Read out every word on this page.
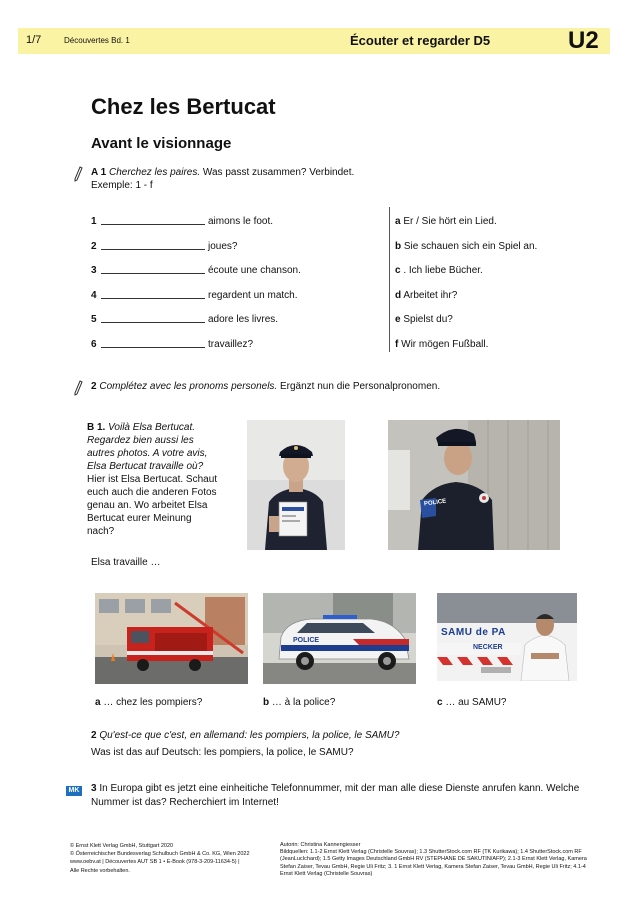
1/7	Découvertes Bd. 1	Écouter et regarder D5	U2
Chez les Bertucat
Avant le visionnage
A 1 Cherchez les paires. Was passt zusammen? Verbindet.
Exemple: 1 - f
1	aimons le foot.
2	joues?
3	écoute une chanson.
4	regardent un match.
5	adore les livres.
6	travaillez?
a Er / Sie hört ein Lied.
b Sie schauen sich ein Spiel an.
c . Ich liebe Bücher.
d Arbeitet ihr?
e Spielst du?
f Wir mögen Fußball.
2 Complétez avec les pronoms personels. Ergänzt nun die Personalpronomen.
B 1. Voilà Elsa Bertucat.
Regardez bien aussi les
autres photos. A votre avis,
Elsa Bertucat travaille où?
Hier ist Elsa Bertucat. Schaut
euch auch die anderen Fotos
genau an. Wo arbeitet Elsa
Bertucat eurer Meinung
nach?
Elsa travaille …
POLICE
POLICE
SAMU de PA
NECKER
a … chez les pompiers?	b … à la police?	c … au SAMU?
2 Qu'est-ce que c'est, en allemand: les pompiers, la police, le SAMU?
Was ist das auf Deutsch: les pompiers, la police, le SAMU?
MK 3 In Europa gibt es jetzt eine einheitiche Telefonnummer, mit der man alle diese Dienste anrufen kann. Welche Nummer ist das? Recherchiert im Internet!
© Ernst Klett Verlag GmbH, Stuttgart 2020
© Österreichischer Bundesverlag Schulbuch GmbH & Co. KG, Wien 2022
www.oebv.at | Découvertes AUT SB 1 • E-Book (978-3-209-11634-5) |
Alle Rechte vorbehalten.
Autorin: Christina Kannengiesser
Bildquellen: 1.1-2 Ernst Klett Verlag (Christelle Souvras); 1.3 ShutterStock.com RF (TK Kurikawa); 1.4 ShutterStock.com RF
(JeanLucIchard); 1.5 Getty Images Deutschland GmbH RV (STEPHANE DE SAKUTIN/AFP); 2.1-3 Ernst Klett Verlag, Kamera
Stefan Zaiser, Tevau GmbH, Regie Uli Fritz; 3. 1 Ernst Klett Verlag, Kamera Stefan Zaiser, Tevau GmbH, Regie Uli Fritz; 4.1-4
Ernst Klett Verlag (Christelle Souvras)
